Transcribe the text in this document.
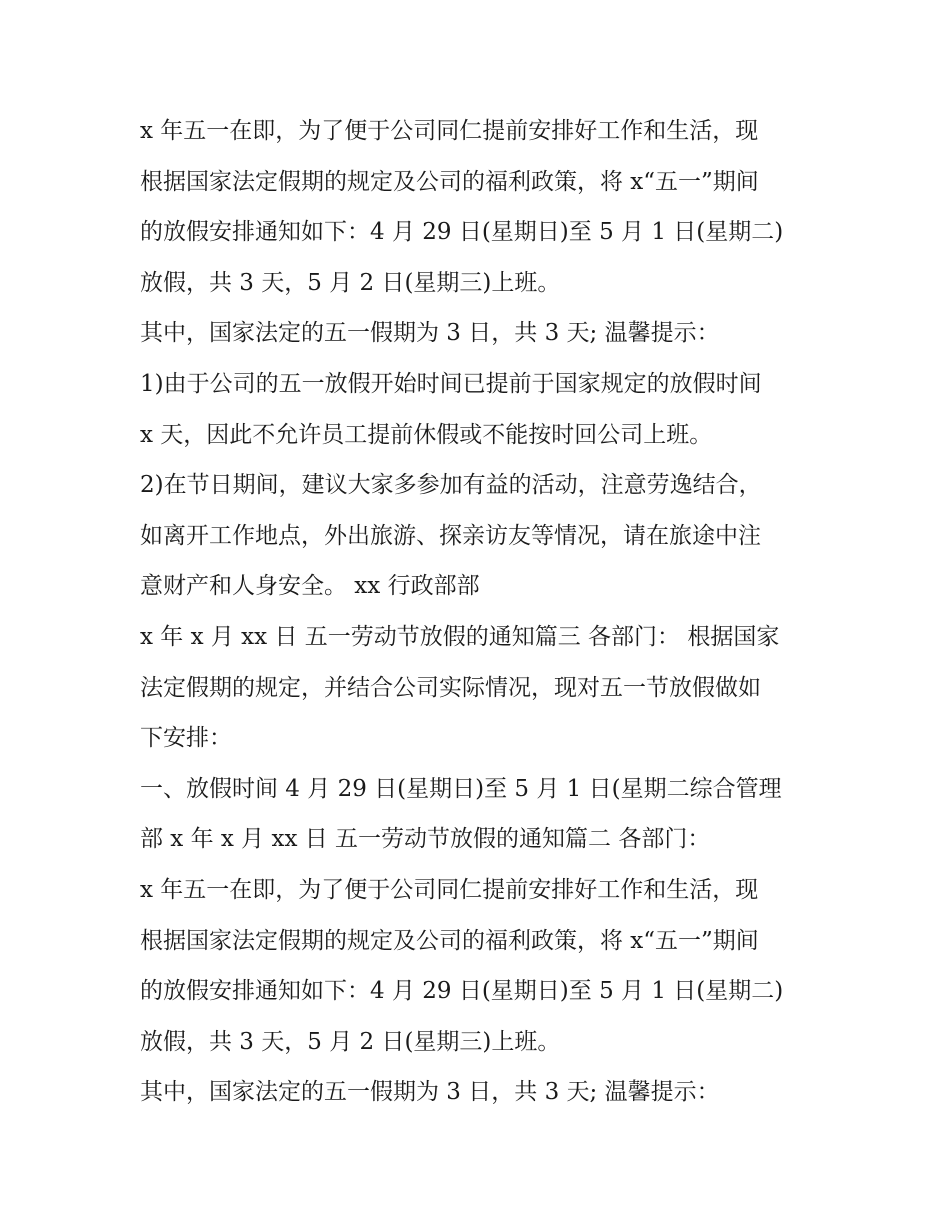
x 年五一在即，为了便于公司同仁提前安排好工作和生活，现
根据国家法定假期的规定及公司的福利政策，将 x“五一”期间
的放假安排通知如下：4 月 29 日(星期日)至 5 月 1 日(星期二)
放假，共 3 天，5 月 2 日(星期三)上班。
其中，国家法定的五一假期为 3 日，共 3 天; 温馨提示：
1)由于公司的五一放假开始时间已提前于国家规定的放假时间
x 天，因此不允许员工提前休假或不能按时回公司上班。
2)在节日期间，建议大家多参加有益的活动，注意劳逸结合，
如离开工作地点，外出旅游、探亲访友等情况，请在旅途中注
意财产和人身安全。 xx 行政部部
x 年 x 月 xx 日 五一劳动节放假的通知篇三 各部门： 根据国家
法定假期的规定，并结合公司实际情况，现对五一节放假做如
下安排：
一、放假时间 4 月 29 日(星期日)至 5 月 1 日(星期二综合管理
部 x 年 x 月 xx 日 五一劳动节放假的通知篇二 各部门：
x 年五一在即，为了便于公司同仁提前安排好工作和生活，现
根据国家法定假期的规定及公司的福利政策，将 x“五一”期间
的放假安排通知如下：4 月 29 日(星期日)至 5 月 1 日(星期二)
放假，共 3 天，5 月 2 日(星期三)上班。
其中，国家法定的五一假期为 3 日，共 3 天; 温馨提示：
